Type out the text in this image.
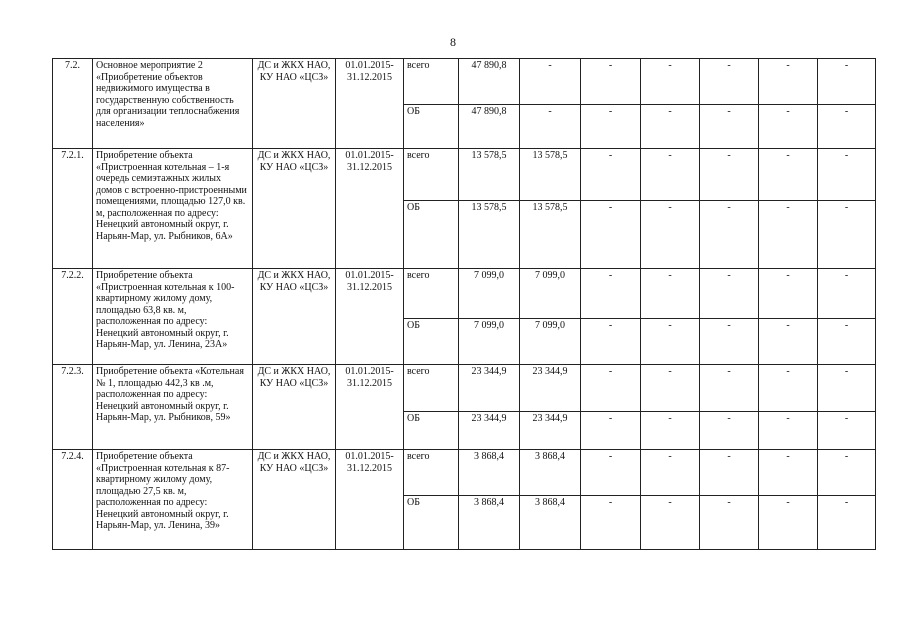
8
7.2.	Основное мероприятие 2 «Приобретение объектов недвижимого имущества в государственную собственность для организации теплоснабжения населения»	ДС и ЖКХ НАО, КУ НАО «ЦСЗ»	01.01.2015-31.12.2015	всего	47 890,8	-	-	-	-	-	-
				ОБ	47 890,8	-	-	-	-	-	-
7.2.1.	Приобретение объекта «Пристроенная котельная – 1-я очередь семиэтажных жилых домов с встроенно-пристроенными помещениями, площадью 127,0 кв. м, расположенная по адресу: Ненецкий автономный округ, г. Нарьян-Мар, ул. Рыбников, 6А»	ДС и ЖКХ НАО, КУ НАО «ЦСЗ»	01.01.2015-31.12.2015	всего	13 578,5	13 578,5	-	-	-	-	-
				ОБ	13 578,5	13 578,5	-	-	-	-	-
7.2.2.	Приобретение объекта «Пристроенная котельная к 100-квартирному жилому дому, площадью 63,8 кв. м, расположенная по адресу: Ненецкий автономный округ, г. Нарьян-Мар, ул. Ленина, 23А»	ДС и ЖКХ НАО, КУ НАО «ЦСЗ»	01.01.2015-31.12.2015	всего	7 099,0	7 099,0	-	-	-	-	-
				ОБ	7 099,0	7 099,0	-	-	-	-	-
7.2.3.	Приобретение объекта «Котельная № 1, площадью 442,3 кв .м, расположенная по адресу: Ненецкий автономный округ, г. Нарьян-Мар, ул. Рыбников, 59»	ДС и ЖКХ НАО, КУ НАО «ЦСЗ»	01.01.2015-31.12.2015	всего	23 344,9	23 344,9	-	-	-	-	-
				ОБ	23 344,9	23 344,9	-	-	-	-	-
7.2.4.	Приобретение объекта «Пристроенная котельная к 87-квартирному жилому дому, площадью 27,5 кв. м, расположенная по адресу: Ненецкий автономный округ, г. Нарьян-Мар, ул. Ленина, 39»	ДС и ЖКХ НАО, КУ НАО «ЦСЗ»	01.01.2015-31.12.2015	всего	3 868,4	3 868,4	-	-	-	-	-
				ОБ	3 868,4	3 868,4	-	-	-	-	-
